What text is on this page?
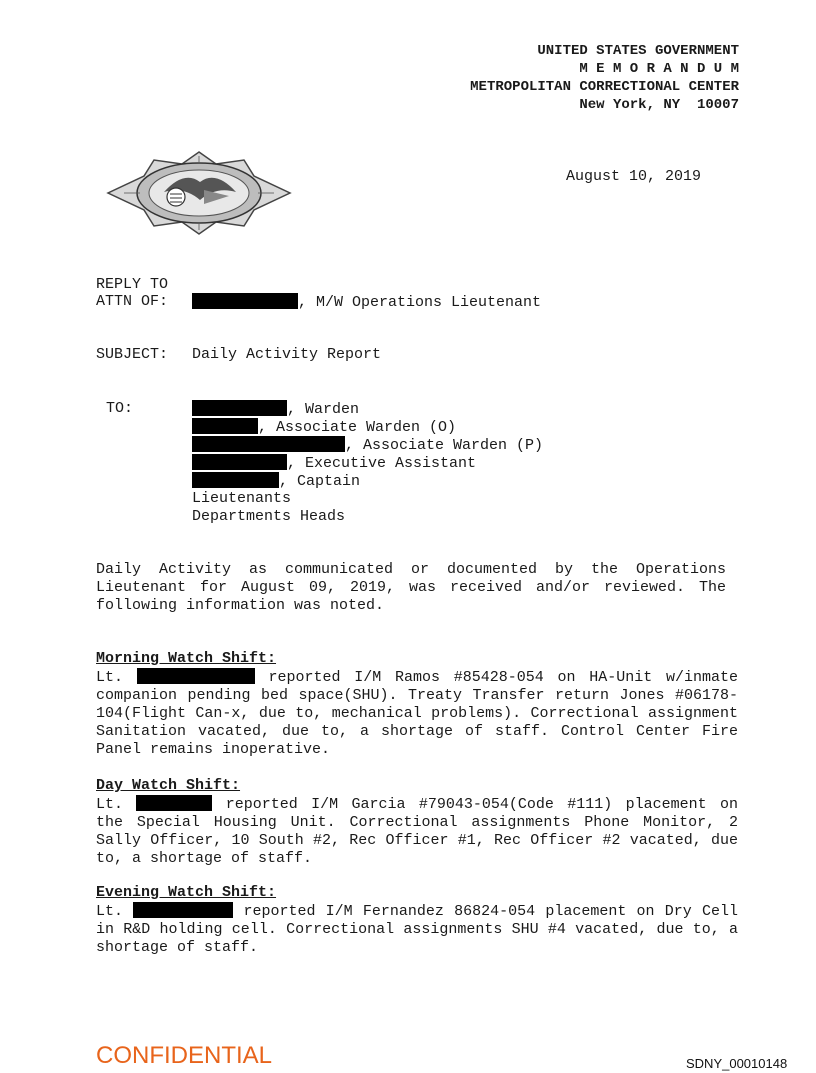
UNITED STATES GOVERNMENT
M E M O R A N D U M
METROPOLITAN CORRECTIONAL CENTER
New York, NY  10007

August 10, 2019
REPLY TO
ATTN OF:	, M/W Operations Lieutenant
SUBJECT: Daily Activity Report
TO:	, Warden
, Associate Warden (O)
, Associate Warden (P)
, Executive Assistant
, Captain
Lieutenants
Departments Heads
Daily Activity as communicated or documented by the Operations Lieutenant for August 09, 2019, was received and/or reviewed. The following information was noted.
Morning Watch Shift:
Lt.	reported I/M Ramos #85428-054 on HA-Unit w/inmate companion pending bed space(SHU). Treaty Transfer return Jones #06178-104(Flight Can-x, due to, mechanical problems). Correctional assignment Sanitation vacated, due to, a shortage of staff. Control Center Fire Panel remains inoperative.
Day Watch Shift:
Lt.	reported I/M Garcia #79043-054(Code #111) placement on the Special Housing Unit. Correctional assignments Phone Monitor, 2 Sally Officer, 10 South #2, Rec Officer #1, Rec Officer #2 vacated, due to, a shortage of staff.
Evening Watch Shift:
Lt.	reported I/M Fernandez 86824-054 placement on Dry Cell in R&D holding cell. Correctional assignments SHU #4 vacated, due to, a shortage of staff.
CONFIDENTIAL	SDNY_00010148
